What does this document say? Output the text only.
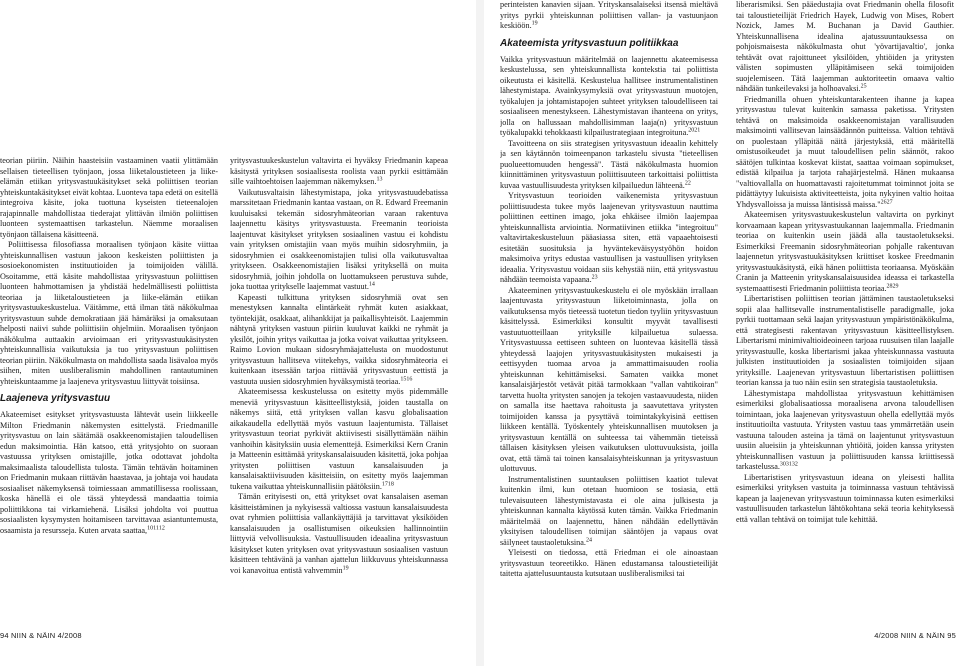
teorian piiriin. Näihin haasteisiin vastaaminen vaatii ylittämään sellaisen tieteellisen työnjaon, jossa liiketaloustieteen ja liike-elämän etiikan yritysvastuukäsitykset sekä poliittisen teorian yhteiskuntakäsitykset eivät kohtaa. Luonteva tapa edetä on esitellä integroiva käsite, joka tuottuna kyseisten tieteenalojen rajapinnalle mahdollistaa tiederajat ylittävän ilmiön poliittisen luonteen systemaattisen tarkastelun. Näemme moraalisen työnjaon tällaisena käsitteenä.

Poliittisessa filosofiassa moraalisen työnjaon käsite viittaa yhteiskunnallisen vastuun jakoon keskeisten poliittisten ja sosioekonomisten instituutioiden ja toimijoiden välillä. Osoitamme, että käsite mahdollistaa yritysvastuun poliittisen luonteen hahmottamisen ja yhdistää hedelmällisesti poliittista teoriaa ja liiketaloustieteen ja liike-elämän etiikan yritysvastuukeskustelua. Väitämme, että ilman tätä näkökulmaa yritysvastuun suhde demokratiaan jää hämäräksi ja omaksutaan helposti naiivi suhde poliittisiin ohjelmiin. Moraalisen työnjaon näkökulma auttaakin arvioimaan eri yritysvastuukäsitysten yhteiskunnallisia vaikutuksia ja tuo yritysvastuun poliittisen teorian piiriin. Näkökulmasta on mahdollista saada lisävaloa myös siihen, miten uusliberalismin mahdollinen rantautuminen yhteiskuntaamme ja laajeneva yritysvastuu liittyvät toisiinsa.

Laajeneva yritysvastuu

Akateemiset esitykset yritysvastuusta lähtevät usein liikkeelle Milton Friedmanin näkemysten esittelystä. Friedmanille yritysvastuu on lain säätämää osakkeenomistajien taloudellisen edun maksimointia. Hän katsoo, että yritysjohto on suoraan vastuussa yrityksen omistajille, jotka odottavat johdolta maksimaalista taloudellista tulosta. Tämän tehtävän hoitaminen on Friedmanin mukaan riittävän haastavaa, ja johtaja voi haudata sosiaaliset näkemyksensä toimiessaan ammatillisessa roolissaan, koska hänellä ei ole tässä yhteydessä mandaattia toimia poliittikkona tai virkamiehenä. Lisäksi johdolta voi puuttua sosiaalisten kysymysten hoitamiseen tarvittavaa asiantuntemusta, osaamista ja resursseja. Kuten arvata saattaa,$^{101112}$

94 NIIN & NÄIN 4/2008	4/2008 NIIN & NÄIN 95

perinteisten kanavien sijaan. Yrityskansalaiseksi itsensä mieltävä yritys pyrkii yhteiskunnan poliittisen vallan- ja vastuunjaon keskiöön.$^{19}$

Akateemista yritysvastuun politiikkaa

Vaikka yritysvastuun määritelmää on laajennettu akateemisessa keskustelussa, sen yhteiskunnallista kontekstia tai poliittista oikeutusta ei käsitellä. Keskustelua hallitsee instrumentalistinen lähestymistapa. Avainkysymyksiä ovat yritysvastuun muotojen, työkalujen ja johtamistapojen suhteet yrityksen taloudelliseen tai sosiaaliseen menestykseen. Lähestymistavan ihanteena on yritys, jolla on hallussaan mahdollisimman laaja(n) yritysvastuun työkalupakki tehokkaasti kilpailustrategiaan integroituna.$^{2021}$

Tavoitteena on siis strategisen yritysvastuun ideaalin kehittely ja sen käytännön toimeenpanon tarkastelu sivusta "tieteellisen puolueettomuuden hengessä". Tästä näkökulmasta huomion kiinnittäminen yritysvastuun poliittisuuteen tarkoittaisi poliittista kuvaa vastuullisuudesta yrityksen kilpailuedun lähteenä.$^{22}$

Yritysvastuun teorioiden vaikenemista yritysvastuun poliittisuudesta tukee myös laajenevan yritysvastuun nauttima poliittinen eettinen imago, joka ehkäisee ilmiön laajempaa yhteiskunnallista arviointia. Normatiivinen etiikka "integroituu" valtavirtakeskusteluun pääasiassa siten, että vapaaehtoisesti esitetään suosituksia ja hyväntekeväisyystyöhön hoidon maksimoiva yritys edustaa vastuullisen ja vastuullisen yrityksen ideaalia. Yritysvastuu voidaan siis kehystää niin, että yritysvastuu nähdään teemoista vapaana.$^{23}$

Akateeminen yritysvastuukeskustelu ei ole myöskään irrallaan laajentuvasta yritysvastuun liiketoiminnasta, jolla on vaikutuksensa myös tieteessä tuotetun tiedon tyyliin yritysvastuun käsittelyssä. Esimerkiksi konsultit myyvät tavallisesti vastuutuotteillaan yrityksille kilpailuetua sulaessa. Yritysvastuussa eettiseen suhteen on luontevaa käsitellä tässä yhteydessä laajojen yritysvastuukäsitysten mukaisesti ja eettisyyden tuomaa arvoa ja ammattimaisuuden roolia yhteiskunnan kehittämiseksi. Samaten vaikka monet kansalaisjärjestöt vetävät pitää tarmokkaan "vallan vahtikoiran" tarvetta huolta yritysten sanojen ja tekojen vastaavuudesta, niiden on samalla itse haettava rahoitusta ja saavutettava yritysten toimijoiden kanssa ja pysyttävä toimintakykyisinä eettisen liikkeen kentällä. Työskentely yhteiskunnallisen muutoksen ja yritysvastuun kentällä on suhteessa tai vähemmän tieteissä tällaisen käsityksen yleisen vaikutuksen ulottuvuuksista, joilla ovat, että tämä tai toinen kansalaisyhteiskunnan ja yritysvastuun ulottuvuus.

Instrumentalistinen suuntauksen poliittisen kaatiot tulevat kuitenkin ilmi, kun otetaan huomioon se tosiasia, että tulevaisuuteen lähestymistavasta ei ole aina julkisesta ja yhteiskunnan kannalta käytössä kuten tämän. Vaikka Friedmanin määritelmää on laajennettu, hänen nähdään edellyttävän yksityisen taloudellisen toimijan sääntöjen ja vapaus ovat säilyneet taustaoletuksina.$^{24}$

Yleisesti on tiedossa, että Friedman ei ole ainoastaan yritysvastuun teoreetikko. Hänen edustamansa taloustieteilijät taitetta ajattelusuuntausta kutsutaan uusliberalismiksi tai

liberarismiksi. Sen pääedustajia ovat Friedmanin ohella filosofit tai taloustieteilijät Friedrich Hayek, Ludwig von Mises, Robert Nozick, James M. Buchanan ja David Gauthier. Yhteiskunnallisena idealina ajatussuuntauksessa on pohjoismaisesta näkökulmasta ohut 'yövartijavaltio', jonka tehtävät ovat rajoittuneet yksilöiden, yhtiöiden ja yritysten välisten sopimusten ylläpitämiseen sekä toimijoiden suojelemiseen. Tätä laajemman auktoriteetin omaava valtio nähdään tunkeilevaksi ja holhoavaksi.$^{25}$

Friedmanilla ohuen yhteiskuntarakenteen ihanne ja kapea yritysvastuu tulevat kuitenkin samassa paketissa. Yritysten tehtävä on maksimoida osakkeenomistajan varallisuuden maksimointi vallitsevan lainsäädännön puitteissa. Valtion tehtävä on puolestaan ylläpitää näitä järjestyksiä, että määritellä omistusoikeudet ja muut taloudellisen pelin säännöt, rakoo säätöjen tulkintaa koskevat kiistat, saattaa voimaan sopimukset, edistää kilpailua ja tarjota rahajärjestelmä. Hänen mukaansa "valtiovallalla on huomattavasti rajoitetummat toiminnot joita se pidättäytyy lukuisista aktiviteetteista, joita nykyinen valtio hoitaa Yhdysvalloissa ja muissa läntisissä maissa."$^{2627}$

Akateemisen yritysvastuukeskustelun valtavirta on pyrkinyt korvaamaan kapean yritysvastuukannan laajemmalla. Friedmanin teoriaa on kuitenkin usein jäädä alla taustaoletukseksi. Esimerkiksi Freemanin sidosryhmäteorian pohjalle rakentuvan laajennetun yritysvastuukäsityksen kriittiset koskee Freedmanin yritysvastuukäsitystä, eikä hänen poliittista teoriaansa. Myöskään Cranin ja Matteenin yrityskansalaisuusidea ideassa ei tarkastella systemaattisesti Friedmanin poliittista teoriaa.$^{2829}$

Libertaristisen poliittisen teorian jättäminen taustaoletukseksi sopii alaa hallitsevalle instrumentalistiselle paradigmalle, joka pyrkii tuottamaan sekä laajan yritysvastuun ympäristönäkökulma, että strategisesti rakentavan yritysvastuun käsitteellistyksen. Libertarismi minimivaltioideoineen tarjoaa ruusuisen tilan laajalle yritysvastuulle, koska libertarismi jakaa yhteiskunnassa vastuuta julkisten instituutioiden ja sosiaalisten toimijoiden sijaan yrityksille. Laajenevan yritysvastuun libertaristisen poliittisen teorian kanssa ja tuo näin esiin sen strategisia taustaoletuksia.

Lähestymistapa mahdollistaa yritysvastuun kehittämisen esimerkiksi globalisaatiossa moraalisena arvona taloudellisen toimintaan, joka laajenevan yritysvastuun ohella edellyttää myös instituutioilta vastuuta. Yritysten vastuu taas ymmärretään usein vastuuna talouden asteina ja tämä on laajentunut yritysvastuun uusiin alueisiin ja yhteiskunnan yhtiöitä, joiden kanssa yritysten yhteiskunnallisen vastuun ja poliittisuuden kanssa kriittisessä tarkastelussa.$^{303132}$

Libertaristisen yritysvastuun ideana on yleisesti hallita esimerkiksi yrityksen vastuita ja toiminnassa vastuun tehtävissä kapean ja laajenevan yritysvastuun toiminnassa kuten esimerkiksi vastuullisuuden tarkastelun lähtökohtana sekä teoria kehityksessä että vallan tehtävä on toimijat tule kehittää.

yritysvastuukeskustelun valtavirta ei hyväksy Friedmanin kapeaa käsitystä yrityksen sosiaalisesta roolista vaan pyrkii esittämään sille vaihtoehtoisen laajemman näkemyksen.$^{13}$

Vaikutusvaltaisin lähestymistapa, joka yritysvastuudebatissa marssitetaan Friedmanin kantaa vastaan, on R. Edward Freemanin kuuluisaksi tekemän sidosryhmäteorian varaan rakentuva laajennettu käsitys yritysvastuusta. Freemanin teorioista laajentuvat käsitykset yrityksen sosiaalinen vastuu ei kohdistu vain yrityksen omistajiin vaan myös muihin sidosryhmiin, ja sidosryhmien ei osakkeenomistajien tulisi olla vaikutusvaltaa yritykseen. Osakkeenomistajien lisäksi yrityksellä on muita sidosryhmiä, joihin johdolla on luottamukseen perustuva suhde, joka tuottaa yritykselle laajemmat vastuut.$^{14}$

Kapeasti tulkittuna yrityksen sidosryhmiä ovat sen menestyksen kannalta elintärkeät ryhmät kuten asiakkaat, työntekijät, osakkaat, alihankkijat ja paikallisyhteisöt. Laajemmin nähtynä yrityksen vastuun piiriin kuuluvat kaikki ne ryhmät ja yksilöt, joihin yritys vaikuttaa ja jotka voivat vaikuttaa yritykseen. Raimo Lovion mukaan sidosryhmäajattelusta on muodostunut yritysvastuun hallitseva viitekehys, vaikka sidosryhmäteoria ei kuitenkaan itsessään tarjoa riittävää yritysvastuun eettistä ja vastuuta uusien sidosryhmien hyväksymistä teoriaa.$^{1516}$

Akateemisessa keskustelussa on esitetty myös pidemmälle meneviä yritysvastuun käsitteellistyksiä, joiden taustalla on näkemys siitä, että yrityksen vallan kasvu globalisaation aikakaudella edellyttää myös vastuun laajentumista. Tällaiset yritysvastuun teoriat pyrkivät aktiivisesti sisällyttämään näihin vanhoihin käsityksiin uusia elementtejä. Esimerkiksi Kern Cranin ja Matteenin esittämää yrityskansalaisuuden käsitettä, joka pohjaa yritysten poliittisen vastuun kansalaisuuden ja kansalaisaktiivisuuden käsitteisiin, on esitetty myös laajemman tukena vaikuttaa yhteiskunnallisiin päätöksiin.$^{1718}$

Tämän erityisesti on, että yritykset ovat kansalaisen aseman käsitteistäminen ja nykyisessä valtiossa vastuun kansalaisuudesta ovat ryhmien poliittisia vallankäyttäjiä ja tarvittavat yksiköiden kansalaisuuden ja osallistumisen oikeuksien hallinnointiin liittyviä velvollisuuksia. Vastuullisuuden ideaalina yritysvastuun käsitykset kuten yrityksen ovat yritysvastuun sosiaalisen vastuun käsitteen tehtävänä ja vanhan ajattelun liikkuvuus yhteiskunnassa voi kanavoitua entistä vahvemmin$^{19}$
